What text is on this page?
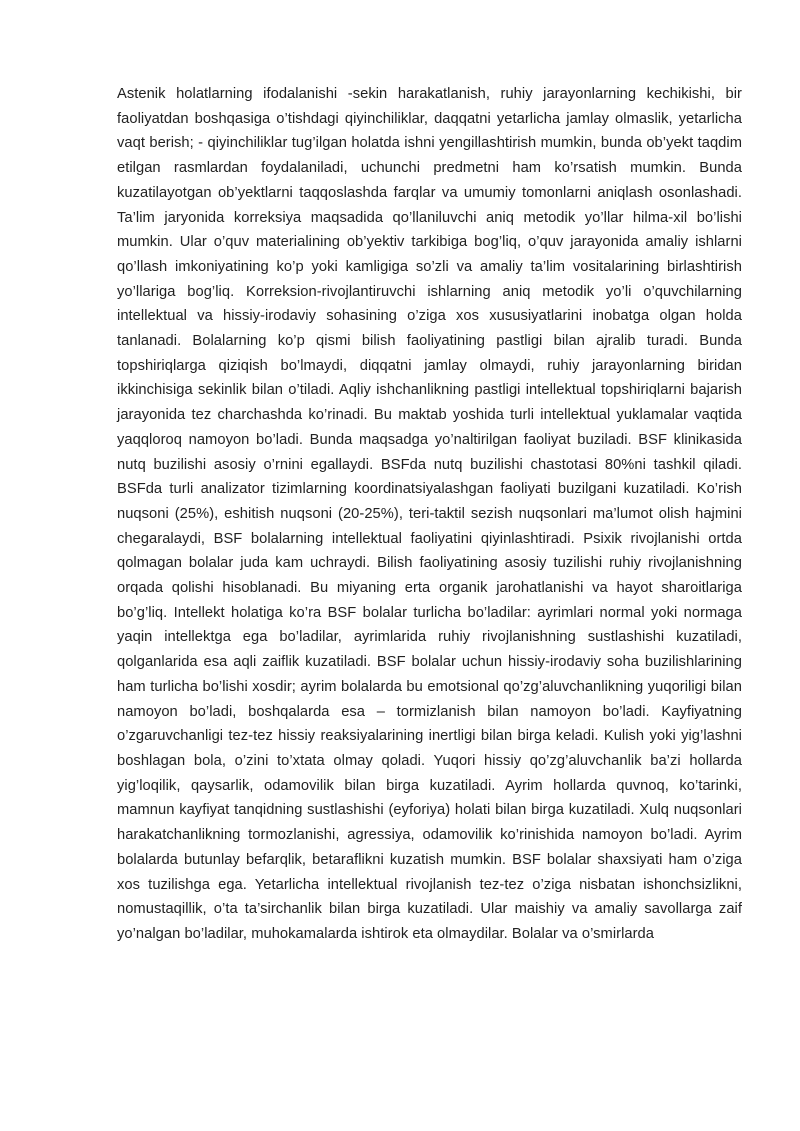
Astenik holatlarning ifodalanishi -sekin harakatlanish, ruhiy jarayonlarning kechikishi, bir faoliyatdan boshqasiga o’tishdagi qiyinchiliklar, daqqatni yetarlicha jamlay olmaslik, yetarlicha vaqt berish; - qiyinchiliklar tug’ilgan holatda ishni yengillashtirish mumkin, bunda ob’yekt taqdim etilgan rasmlardan foydalaniladi, uchunchi predmetni ham ko’rsatish mumkin. Bunda kuzatilayotgan ob’yektlarni taqqoslashda farqlar va umumiy tomonlarni aniqlash osonlashadi. Ta’lim jaryonida korreksiya maqsadida qo’llaniluvchi aniq metodik yo’llar hilma-xil bo’lishi mumkin. Ular o’quv materialining ob’yektiv tarkibiga bog’liq, o’quv jarayonida amaliy ishlarni qo’llash imkoniyatining ko’p yoki kamligiga so’zli va amaliy ta’lim vositalarining birlashtirish yo’llariga bog’liq. Korreksion-rivojlantiruvchi ishlarning aniq metodik yo’li o’quvchilarning intellektual va hissiy-irodaviy sohasining o’ziga xos xususiyatlarini inobatga olgan holda tanlanadi. Bolalarning ko’p qismi bilish faoliyatining pastligi bilan ajralib turadi. Bunda topshiriqlarga qiziqish bo’lmaydi, diqqatni jamlay olmaydi, ruhiy jarayonlarning biridan ikkinchisiga sekinlik bilan o’tiladi. Aqliy ishchanlikning pastligi intellektual topshiriqlarni bajarish jarayonida tez charchashda ko’rinadi. Bu maktab yoshida turli intellektual yuklamalar vaqtida yaqqloroq namoyon bo’ladi. Bunda maqsadga yo’naltirilgan faoliyat buziladi. BSF klinikasida nutq buzilishi asosiy o’rnini egallaydi. BSFda nutq buzilishi chastotasi 80%ni tashkil qiladi. BSFda turli analizator tizimlarning koordinatsiyalashgan faoliyati buzilgani kuzatiladi. Ko’rish nuqsoni (25%), eshitish nuqsoni (20-25%), teri-taktil sezish nuqsonlari ma’lumot olish hajmini chegaralaydi, BSF bolalarning intellektual faoliyatini qiyinlashtiradi. Psixik rivojlanishi ortda qolmagan bolalar juda kam uchraydi. Bilish faoliyatining asosiy tuzilishi ruhiy rivojlanishning orqada qolishi hisoblanadi. Bu miyaning erta organik jarohatlanishi va hayot sharoitlariga bo’g’liq. Intellekt holatiga ko’ra BSF bolalar turlicha bo’ladilar: ayrimlari normal yoki normaga yaqin intellektga ega bo’ladilar, ayrimlarida ruhiy rivojlanishning sustlashishi kuzatiladi, qolganlarida esa aqli zaiflik kuzatiladi. BSF bolalar uchun hissiy-irodaviy soha buzilishlarining ham turlicha bo’lishi xosdir; ayrim bolalarda bu emotsional qo’zg’aluvchanlikning yuqoriligi bilan namoyon bo’ladi, boshqalarda esa – tormizlanish bilan namoyon bo’ladi. Kayfiyatning o’zgaruvchanligi tez-tez hissiy reaksiyalarining inertligi bilan birga keladi. Kulish yoki yig’lashni boshlagan bola, o’zini to’xtata olmay qoladi. Yuqori hissiy qo’zg’aluvchanlik ba’zi hollarda yig’loqilik, qaysarlik, odamovilik bilan birga kuzatiladi. Ayrim hollarda quvnoq, ko’tarinki, mamnun kayfiyat tanqidning sustlashishi (eyforiya) holati bilan birga kuzatiladi. Xulq nuqsonlari harakatchanlikning tormozlanishi, agressiya, odamovilik ko’rinishida namoyon bo’ladi. Ayrim bolalarda butunlay befarqlik, betaraflikni kuzatish mumkin. BSF bolalar shaxsiyati ham o’ziga xos tuzilishga ega. Yetarlicha intellektual rivojlanish tez-tez o’ziga nisbatan ishonchsizlikni, nomustaqillik, o’ta ta’sirchanlik bilan birga kuzatiladi. Ular maishiy va amaliy savollarga zaif yo’nalgan bo’ladilar, muhokamalarda ishtirok eta olmaydilar. Bolalar va o’smirlarda
